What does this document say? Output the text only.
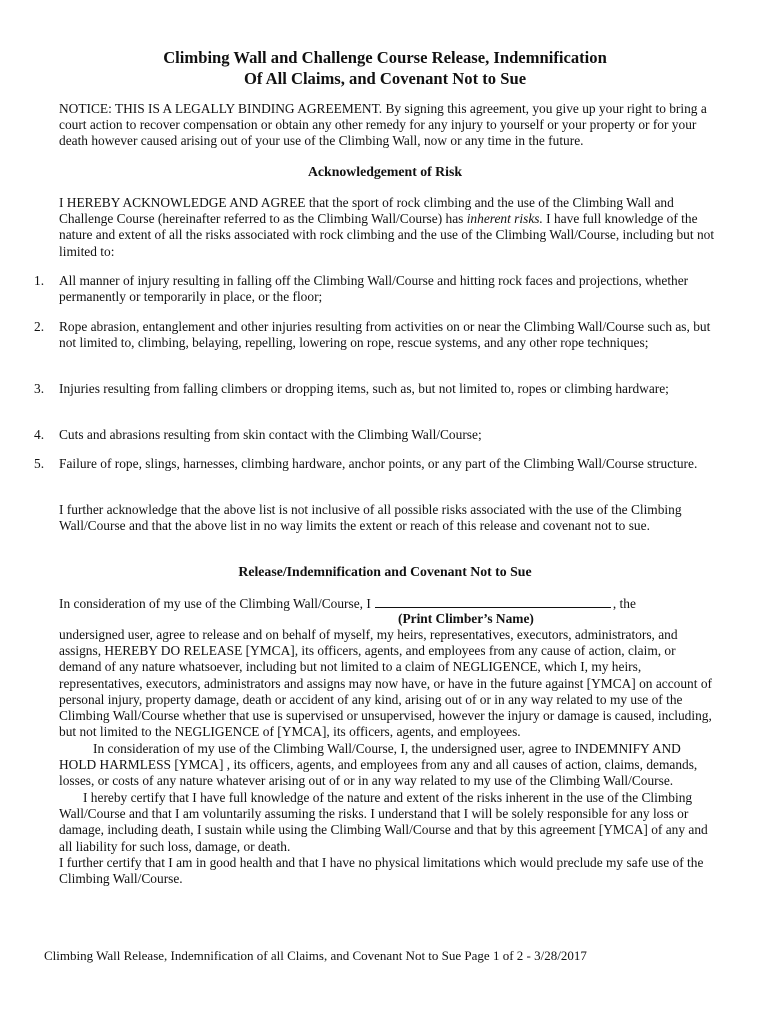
Climbing Wall and Challenge Course Release, Indemnification
Of All Claims, and Covenant Not to Sue
NOTICE: THIS IS A LEGALLY BINDING AGREEMENT. By signing this agreement, you give up your right to bring a court action to recover compensation or obtain any other remedy for any injury to yourself or your property or for your death however caused arising out of your use of the Climbing Wall, now or any time in the future.
Acknowledgement of Risk
I HEREBY ACKNOWLEDGE AND AGREE that the sport of rock climbing and the use of the Climbing Wall and Challenge Course (hereinafter referred to as the Climbing Wall/Course) has inherent risks. I have full knowledge of the nature and extent of all the risks associated with rock climbing and the use of the Climbing Wall/Course, including but not limited to:
1. All manner of injury resulting in falling off the Climbing Wall/Course and hitting rock faces and projections, whether permanently or temporarily in place, or the floor;
2. Rope abrasion, entanglement and other injuries resulting from activities on or near the Climbing Wall/Course such as, but not limited to, climbing, belaying, repelling, lowering on rope, rescue systems, and any other rope techniques;
3. Injuries resulting from falling climbers or dropping items, such as, but not limited to, ropes or climbing hardware;
4. Cuts and abrasions resulting from skin contact with the Climbing Wall/Course;
5. Failure of rope, slings, harnesses, climbing hardware, anchor points, or any part of the Climbing Wall/Course structure.
I further acknowledge that the above list is not inclusive of all possible risks associated with the use of the Climbing Wall/Course and that the above list in no way limits the extent or reach of this release and covenant not to sue.
Release/Indemnification and Covenant Not to Sue
In consideration of my use of the Climbing Wall/Course, I	, the
(Print Climber’s Name)
undersigned user, agree to release and on behalf of myself, my heirs, representatives, executors, administrators, and assigns, HEREBY DO RELEASE [YMCA], its officers, agents, and employees from any cause of action, claim, or demand of any nature whatsoever, including but not limited to a claim of NEGLIGENCE, which I, my heirs, representatives, executors, administrators and assigns may now have, or have in the future against [YMCA] on account of personal injury, property damage, death or accident of any kind, arising out of or in any way related to my use of the Climbing Wall/Course whether that use is supervised or unsupervised, however the injury or damage is caused, including, but not limited to the NEGLIGENCE of [YMCA], its officers, agents, and employees.
In consideration of my use of the Climbing Wall/Course, I, the undersigned user, agree to INDEMNIFY AND HOLD HARMLESS [YMCA] , its officers, agents, and employees from any and all causes of action, claims, demands, losses, or costs of any nature whatever arising out of or in any way related to my use of the Climbing Wall/Course.
I hereby certify that I have full knowledge of the nature and extent of the risks inherent in the use of the Climbing Wall/Course and that I am voluntarily assuming the risks. I understand that I will be solely responsible for any loss or damage, including death, I sustain while using the Climbing Wall/Course and that by this agreement [YMCA] of any and all liability for such loss, damage, or death.
I further certify that I am in good health and that I have no physical limitations which would preclude my safe use of the Climbing Wall/Course.
Climbing Wall Release, Indemnification of all Claims, and Covenant Not to Sue Page 1 of 2 - 3/28/2017
